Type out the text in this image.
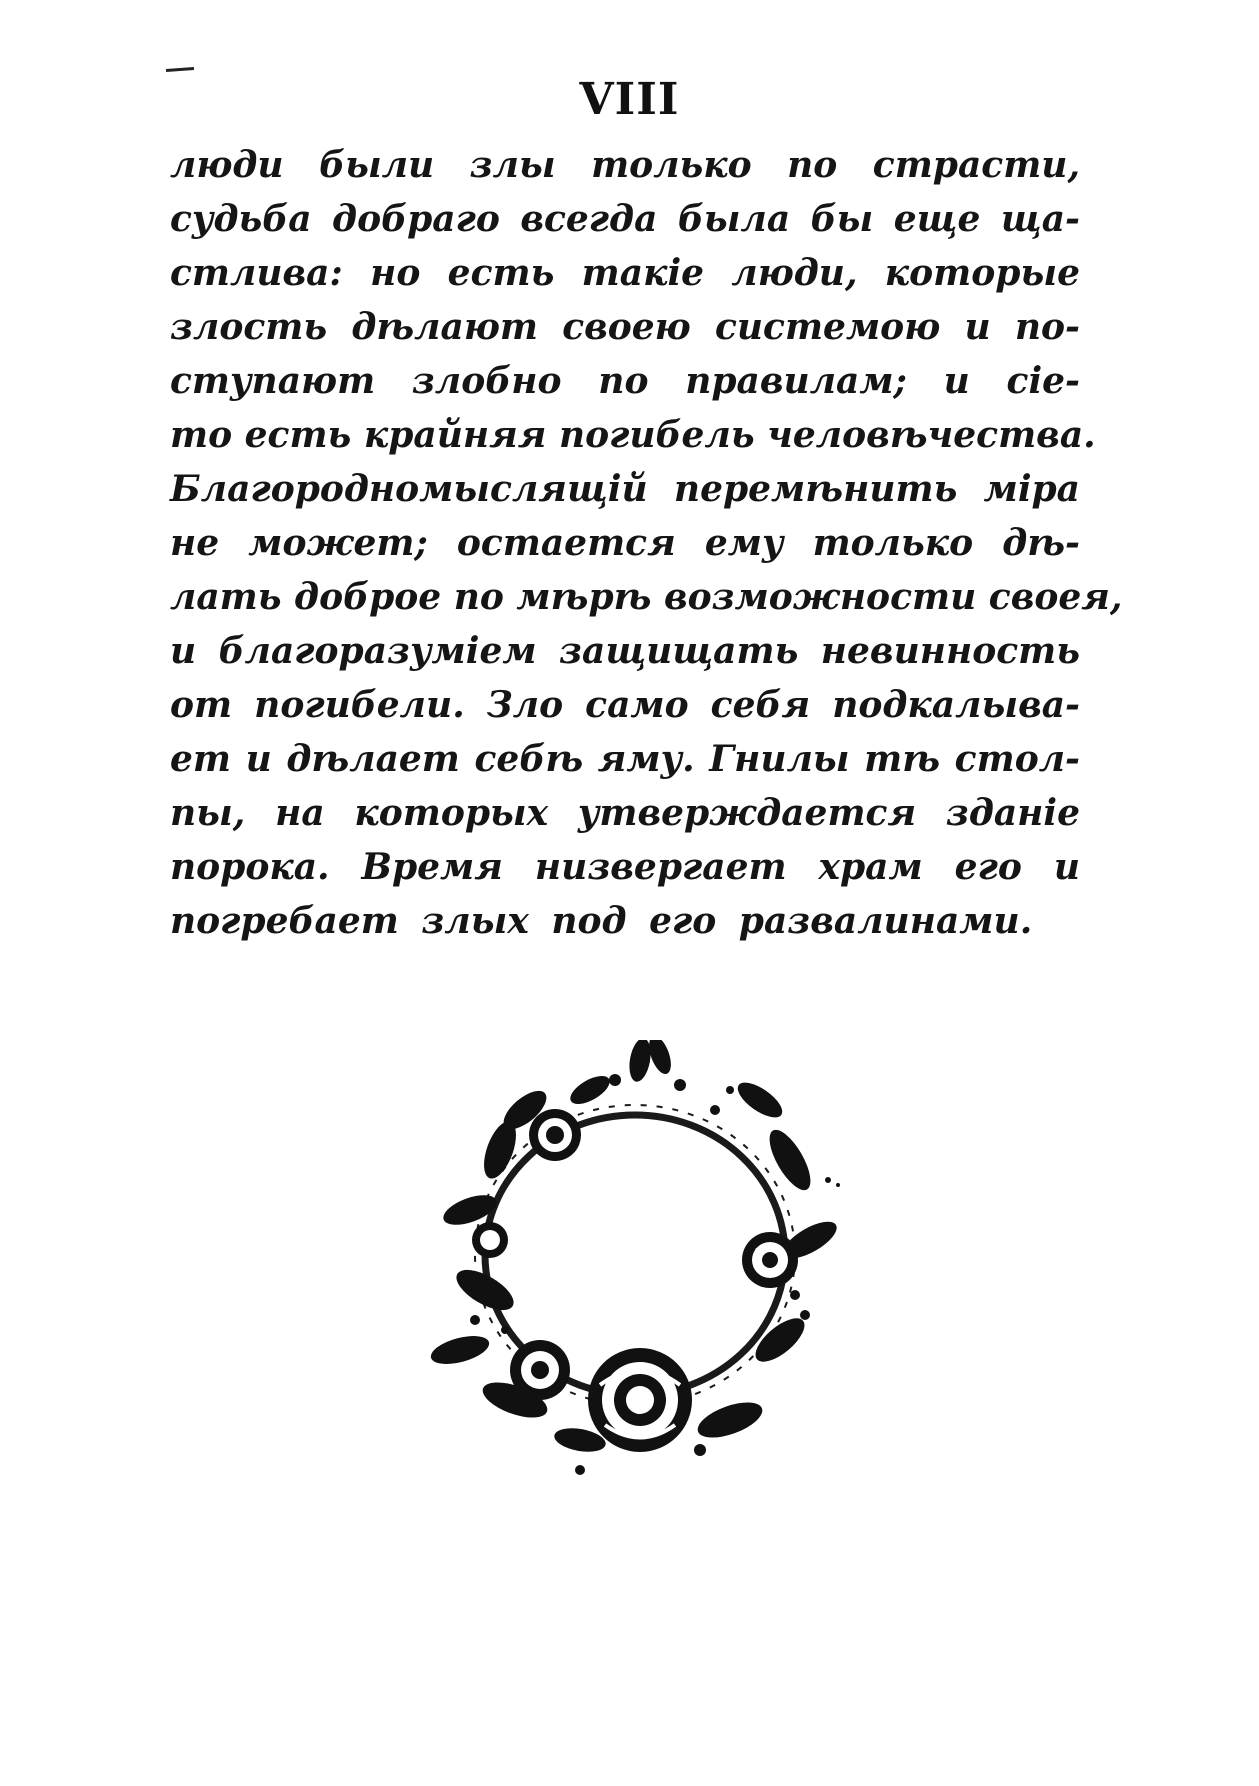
VIII
люди были злы только по страсти,
судьба добраго всегда была бы еще щa-
стлива: но есть такіе люди, которые
злость дѣлают своею системою и по-
ступают злобно по правилам; и сіе-
то есть крайняя погибель человѣчества.
Благородномыслящій перемѣнить міра
не может; остается ему только дѣ-
лать доброе по мѣрѣ возможности своея,
и благоразуміем защищать невинность
от погибели. Зло само себя подкалыва-
ет и дѣлает себѣ яму. Гнилы тѣ стол-
пы, на которых утверждается зданіе
порока. Время низвергает храм его и
погребает злых под его развалинами.
